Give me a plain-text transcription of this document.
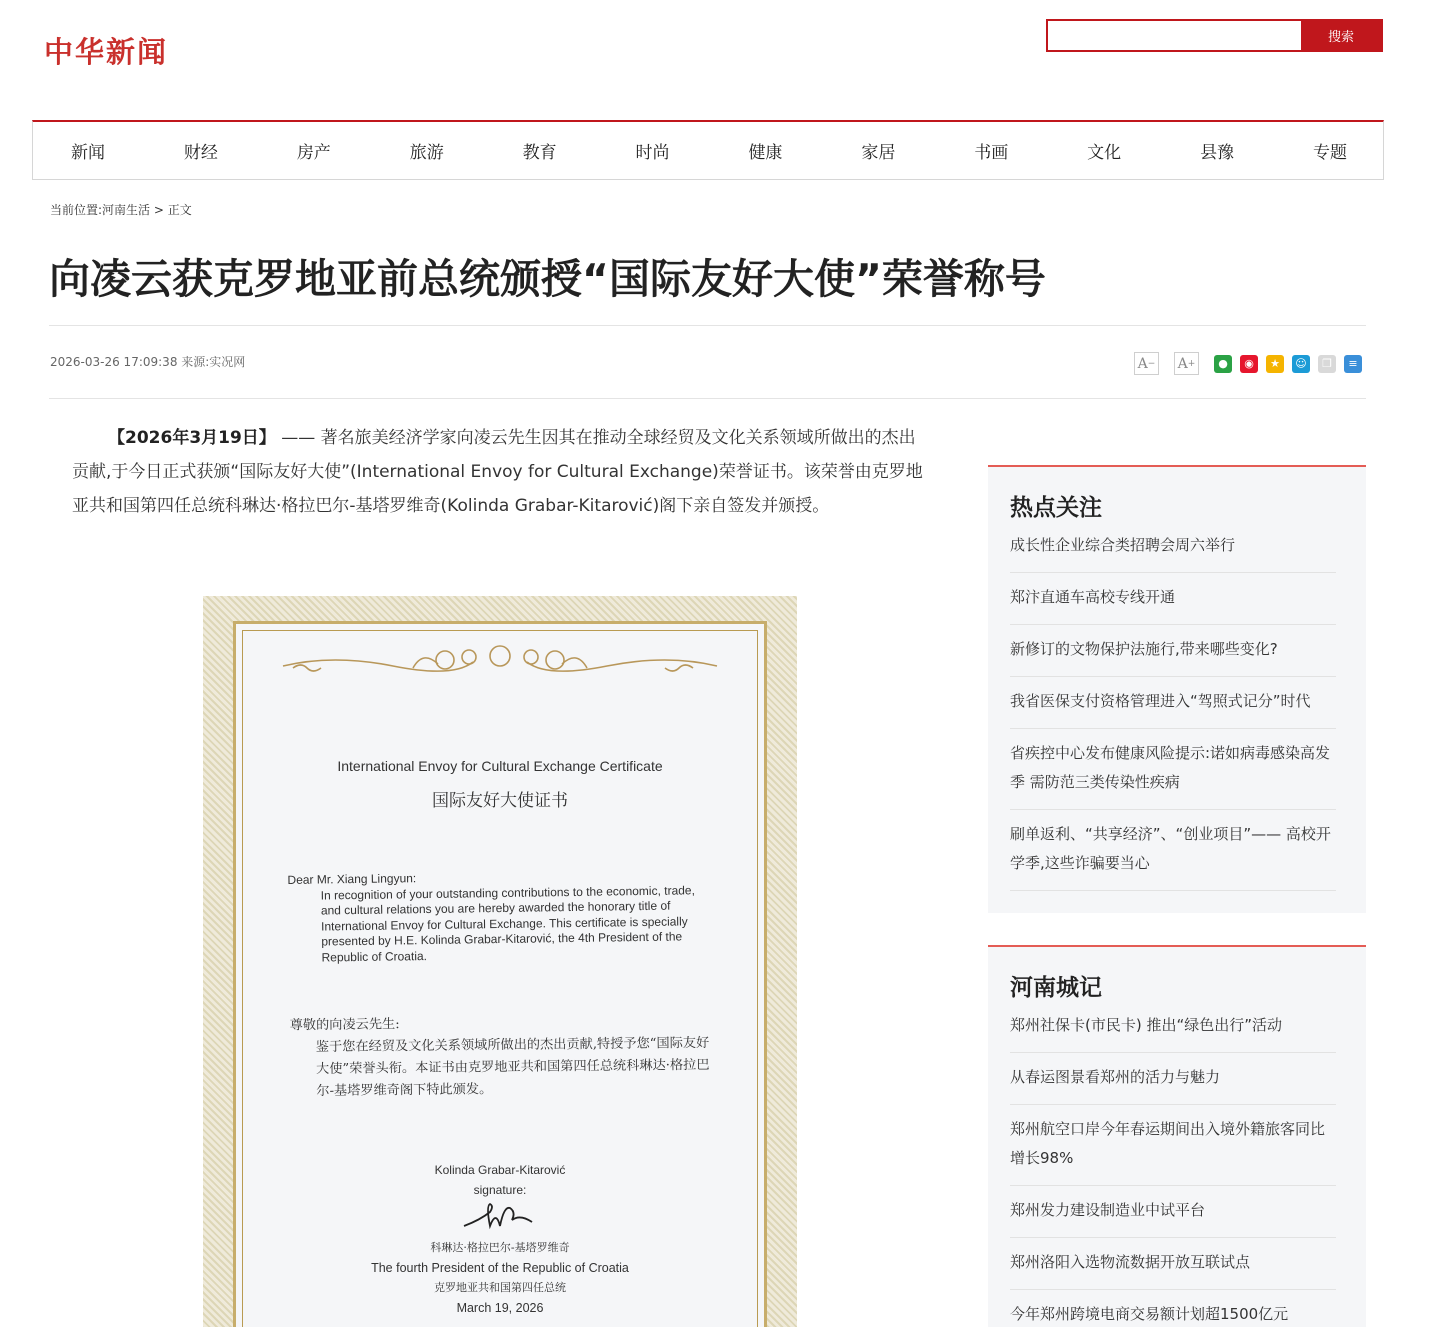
中华新闻	搜索
新闻	财经	房产	旅游	教育	时尚	健康	家居	书画	文化	县豫	专题
当前位置:河南生活 > 正文
向凌云获克罗地亚前总统颁授“国际友好大使”荣誉称号
2026-03-26 17:09:38 来源:实况网	A − A +	●	◉	★	☺	❐	≡

【2026年3月19日】 —— 著名旅美经济学家向凌云先生因其在推动全球经贸及文化关系领域所做出的杰出贡献,于今日正式获颁“国际友好大使”(International Envoy for Cultural Exchange)荣誉证书。该荣誉由克罗地亚共和国第四任总统科琳达·格拉巴尔-基塔罗维奇(Kolinda Grabar-Kitarović)阁下亲自签发并颁授。

International Envoy for Cultural Exchange Certificate
国际友好大使证书
Dear Mr. Xiang Lingyun:
In recognition of your outstanding contributions to the economic, trade, and cultural relations you are hereby awarded the honorary title of International Envoy for Cultural Exchange. This certificate is specially presented by H.E. Kolinda Grabar-Kitarović, the 4th President of the Republic of Croatia.
尊敬的向凌云先生:
鉴于您在经贸及文化关系领域所做出的杰出贡献,特授予您“国际友好大使”荣誉头衔。本证书由克罗地亚共和国第四任总统科琳达·格拉巴尔-基塔罗维奇阁下特此颁发。
Kolinda Grabar-Kitarović
signature:
科琳达·格拉巴尔-基塔罗维奇
The fourth President of the Republic of Croatia
克罗地亚共和国第四任总统
March 19, 2026
热点关注
成长性企业综合类招聘会周六举行
郑汴直通车高校专线开通
新修订的文物保护法施行,带来哪些变化?
我省医保支付资格管理进入“驾照式记分”时代
省疾控中心发布健康风险提示:诺如病毒感染高发季 需防范三类传染性疾病
刷单返利、“共享经济”、“创业项目”—— 高校开学季,这些诈骗要当心
河南城记
郑州社保卡(市民卡) 推出“绿色出行”活动
从春运图景看郑州的活力与魅力
郑州航空口岸今年春运期间出入境外籍旅客同比增长98%
郑州发力建设制造业中试平台
郑州洛阳入选物流数据开放互联试点
今年郑州跨境电商交易额计划超1500亿元
